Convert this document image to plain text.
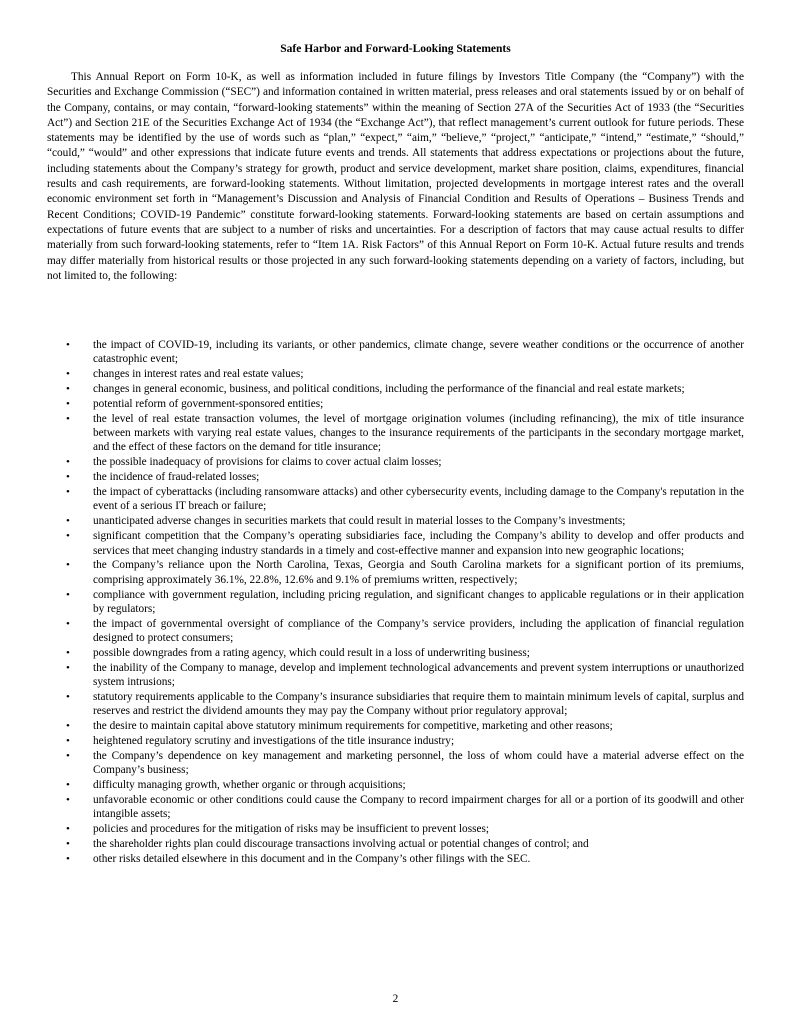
Safe Harbor and Forward-Looking Statements

This Annual Report on Form 10-K, as well as information included in future filings by Investors Title Company (the “Company”) with the Securities and Exchange Commission (“SEC”) and information contained in written material, press releases and oral statements issued by or on behalf of the Company, contains, or may contain, “forward-looking statements” within the meaning of Section 27A of the Securities Act of 1933 (the “Securities Act”) and Section 21E of the Securities Exchange Act of 1934 (the “Exchange Act”), that reflect management’s current outlook for future periods. These statements may be identified by the use of words such as “plan,” “expect,” “aim,” “believe,” “project,” “anticipate,” “intend,” “estimate,” “should,” “could,” “would” and other expressions that indicate future events and trends. All statements that address expectations or projections about the future, including statements about the Company’s strategy for growth, product and service development, market share position, claims, expenditures, financial results and cash requirements, are forward-looking statements. Without limitation, projected developments in mortgage interest rates and the overall economic environment set forth in “Management’s Discussion and Analysis of Financial Condition and Results of Operations – Business Trends and Recent Conditions; COVID-19 Pandemic” constitute forward-looking statements. Forward-looking statements are based on certain assumptions and expectations of future events that are subject to a number of risks and uncertainties. For a description of factors that may cause actual results to differ materially from such forward-looking statements, refer to “Item 1A. Risk Factors” of this Annual Report on Form 10-K. Actual future results and trends may differ materially from historical results or those projected in any such forward-looking statements depending on a variety of factors, including, but not limited to, the following:

• the impact of COVID-19, including its variants, or other pandemics, climate change, severe weather conditions or the occurrence of another catastrophic event;
• changes in interest rates and real estate values;
• changes in general economic, business, and political conditions, including the performance of the financial and real estate markets;
• potential reform of government-sponsored entities;
• the level of real estate transaction volumes, the level of mortgage origination volumes (including refinancing), the mix of title insurance between markets with varying real estate values, changes to the insurance requirements of the participants in the secondary mortgage market, and the effect of these factors on the demand for title insurance;
• the possible inadequacy of provisions for claims to cover actual claim losses;
• the incidence of fraud-related losses;
• the impact of cyberattacks (including ransomware attacks) and other cybersecurity events, including damage to the Company's reputation in the event of a serious IT breach or failure;
• unanticipated adverse changes in securities markets that could result in material losses to the Company’s investments;
• significant competition that the Company’s operating subsidiaries face, including the Company’s ability to develop and offer products and services that meet changing industry standards in a timely and cost-effective manner and expansion into new geographic locations;
• the Company’s reliance upon the North Carolina, Texas, Georgia and South Carolina markets for a significant portion of its premiums, comprising approximately 36.1%, 22.8%, 12.6% and 9.1% of premiums written, respectively;
• compliance with government regulation, including pricing regulation, and significant changes to applicable regulations or in their application by regulators;
• the impact of governmental oversight of compliance of the Company’s service providers, including the application of financial regulation designed to protect consumers;
• possible downgrades from a rating agency, which could result in a loss of underwriting business;
• the inability of the Company to manage, develop and implement technological advancements and prevent system interruptions or unauthorized system intrusions;
• statutory requirements applicable to the Company’s insurance subsidiaries that require them to maintain minimum levels of capital, surplus and reserves and restrict the dividend amounts they may pay the Company without prior regulatory approval;
• the desire to maintain capital above statutory minimum requirements for competitive, marketing and other reasons;
• heightened regulatory scrutiny and investigations of the title insurance industry;
• the Company’s dependence on key management and marketing personnel, the loss of whom could have a material adverse effect on the Company’s business;
• difficulty managing growth, whether organic or through acquisitions;
• unfavorable economic or other conditions could cause the Company to record impairment charges for all or a portion of its goodwill and other intangible assets;
• policies and procedures for the mitigation of risks may be insufficient to prevent losses;
• the shareholder rights plan could discourage transactions involving actual or potential changes of control; and
• other risks detailed elsewhere in this document and in the Company’s other filings with the SEC.
2
